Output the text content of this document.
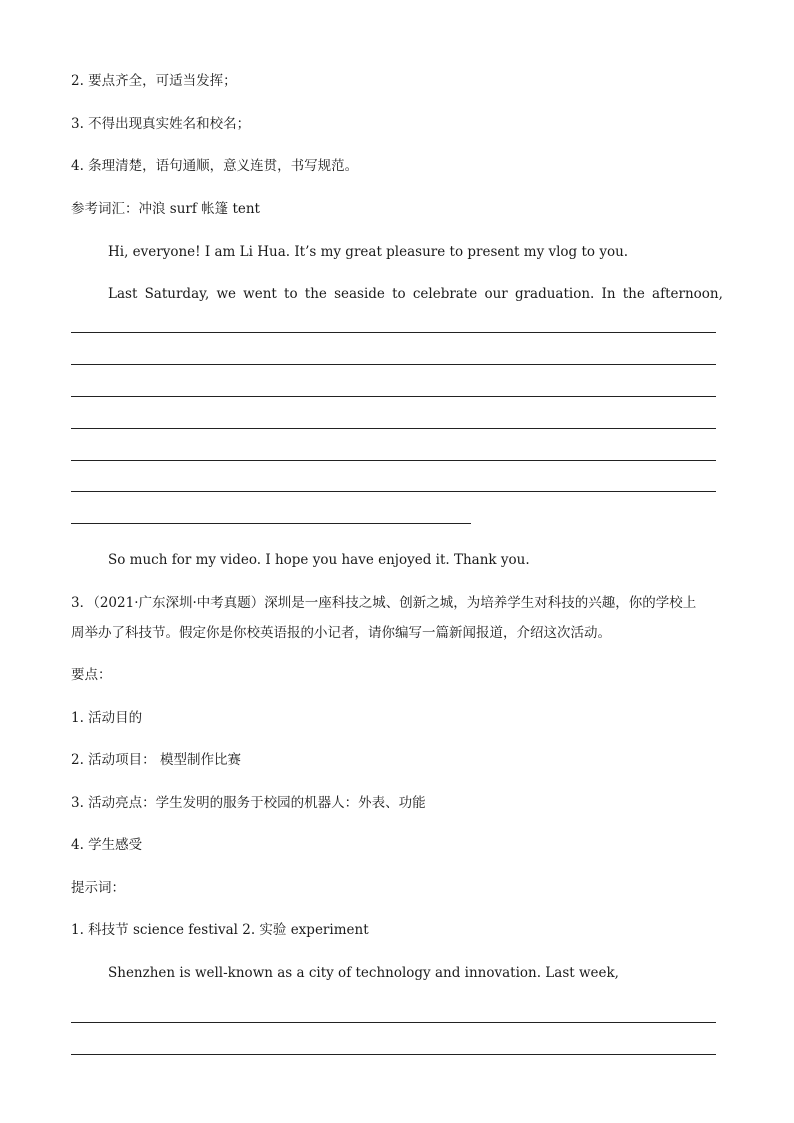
2. 要点齐全，可适当发挥；
3. 不得出现真实姓名和校名；
4. 条理清楚，语句通顺，意义连贯，书写规范。
参考词汇：冲浪 surf 帐篷 tent
Hi, everyone! I am Li Hua. It’s my great pleasure to present my vlog to you.
Last Saturday, we went to the seaside to celebrate our graduation. In the afternoon,
So much for my video. I hope you have enjoyed it. Thank you.
3．（2021·广东深圳·中考真题）深圳是一座科技之城、创新之城，为培养学生对科技的兴趣，你的学校上
周举办了科技节。假定你是你校英语报的小记者，请你编写一篇新闻报道，介绍这次活动。
要点：
1. 活动目的
2. 活动项目： 模型制作比赛
3. 活动亮点：学生发明的服务于校园的机器人：外表、功能
4. 学生感受
提示词：
1. 科技节 science festival 2. 实验 experiment
Shenzhen is well-known as a city of technology and innovation. Last week,
